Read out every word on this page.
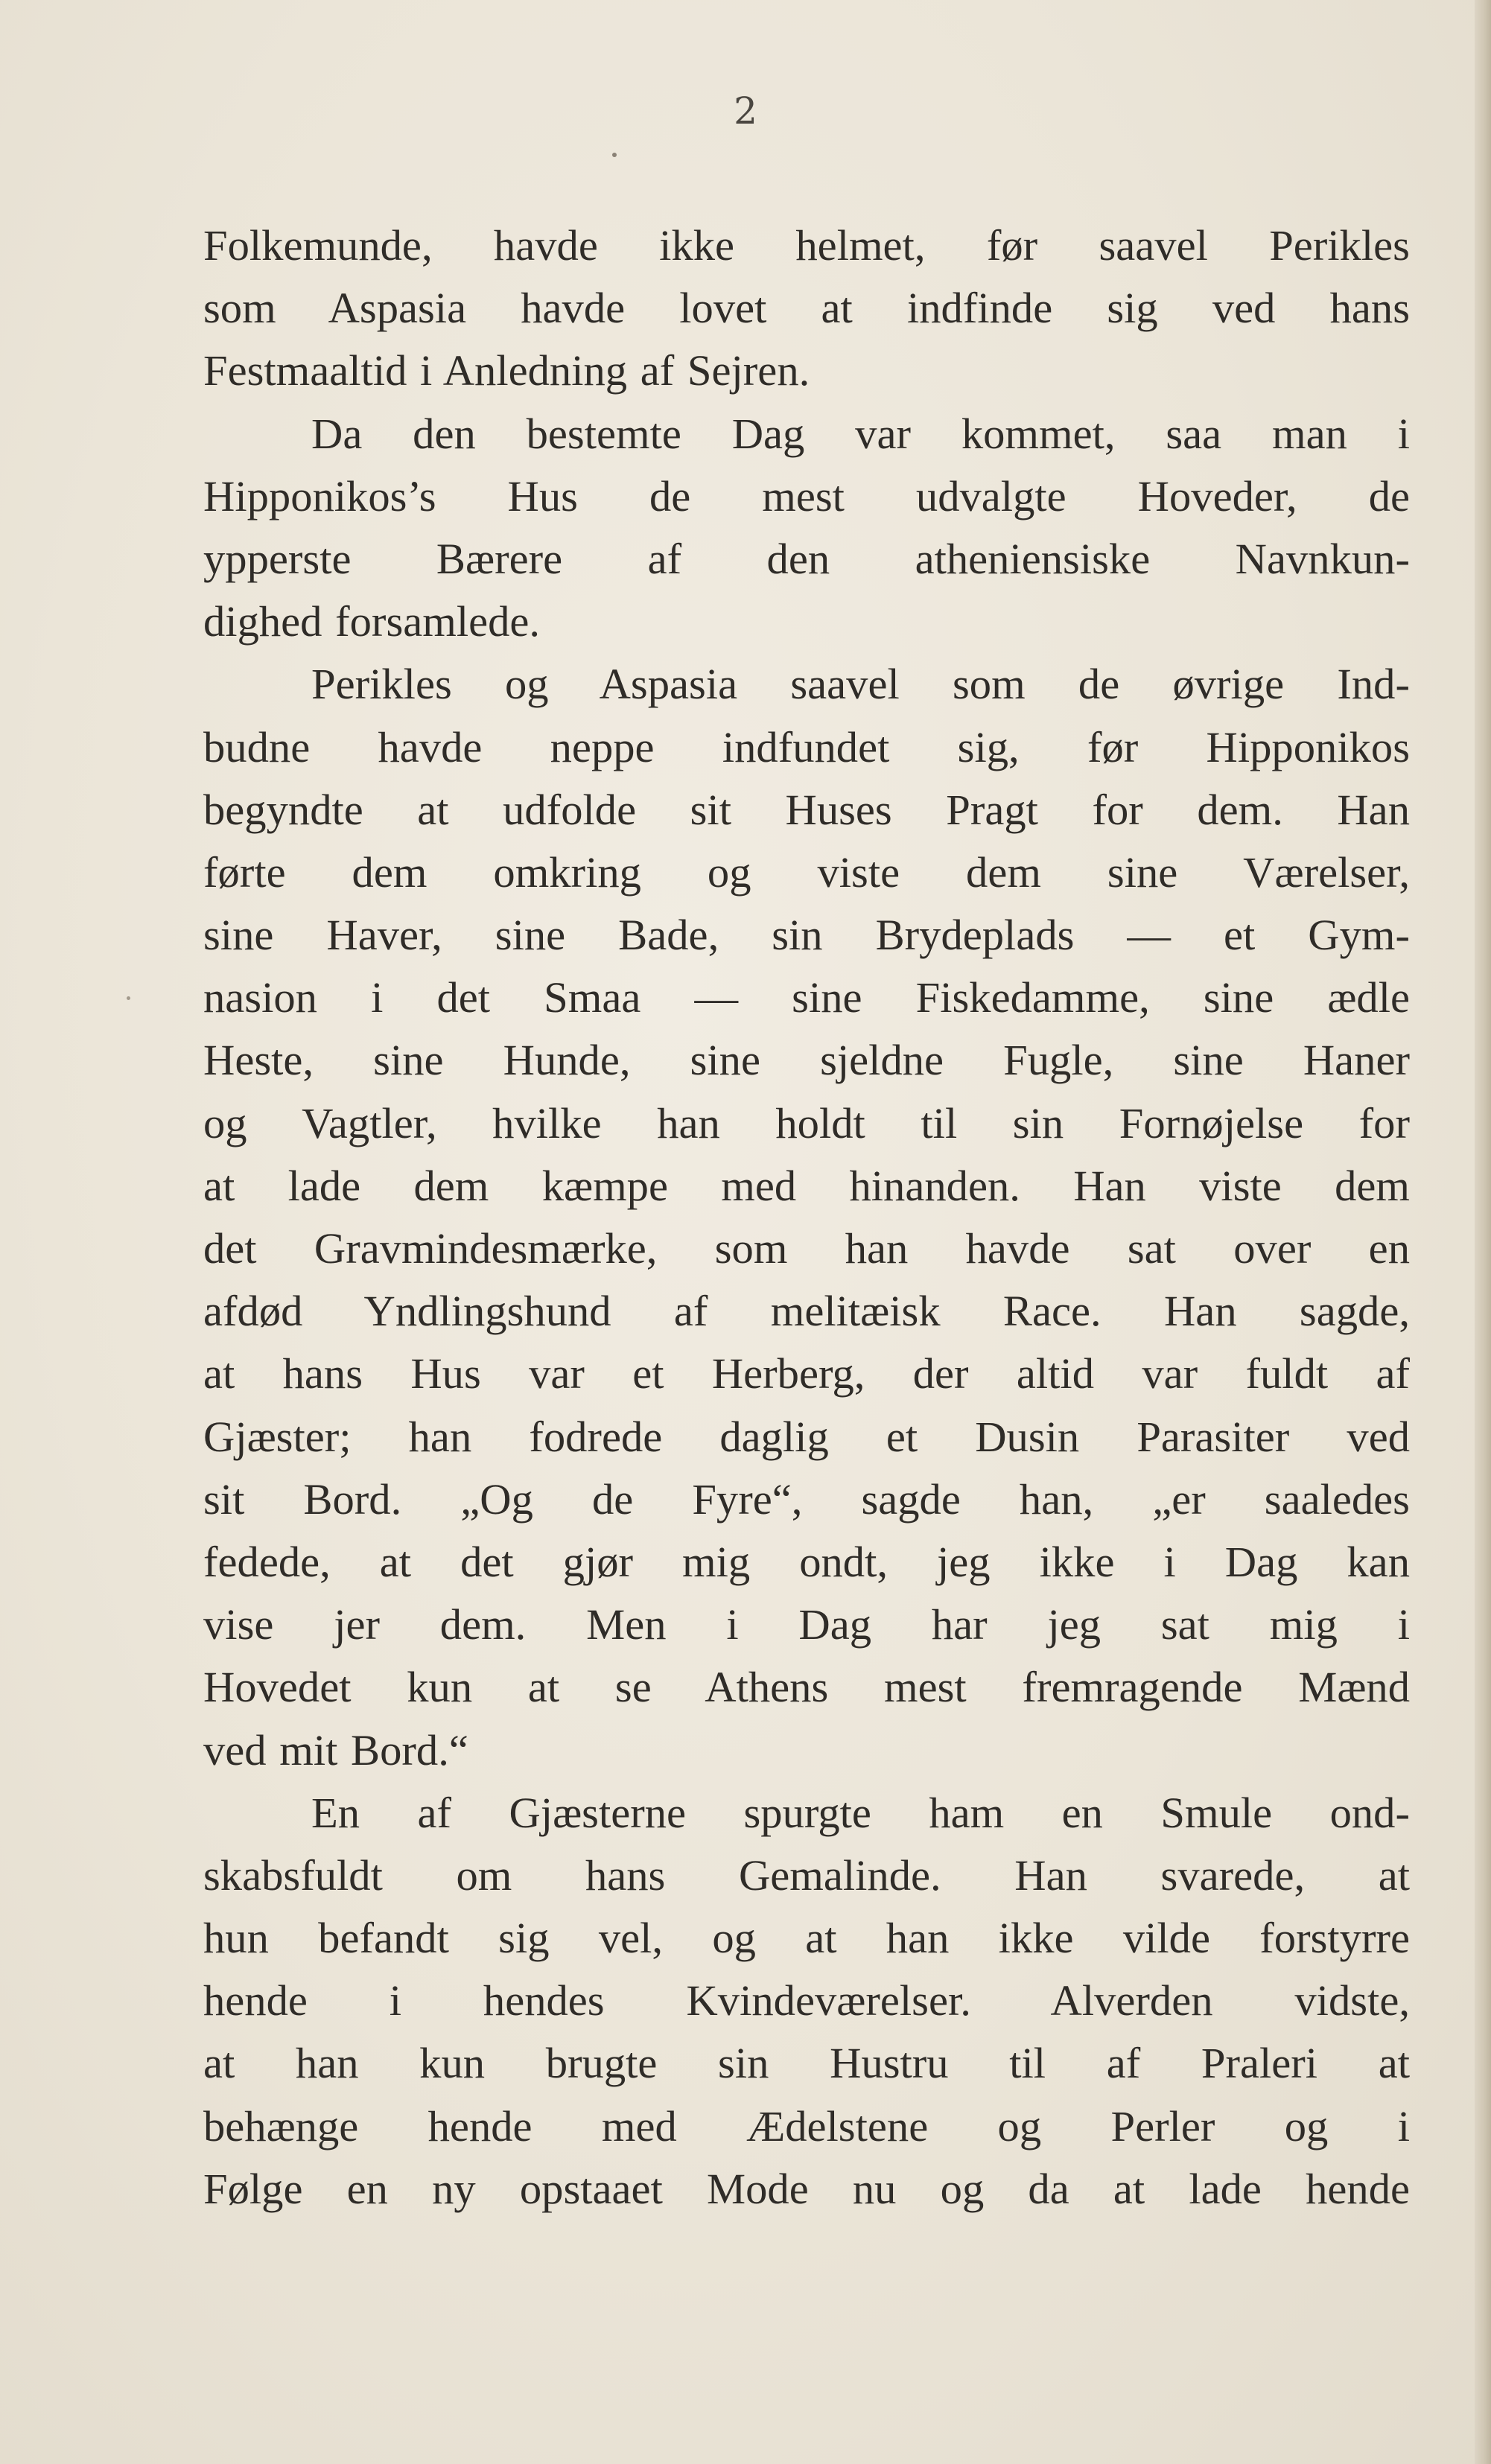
2
Folkemunde, havde ikke helmet, før saavel Perikles
som Aspasia havde lovet at indfinde sig ved hans
Festmaaltid i Anledning af Sejren.
Da den bestemte Dag var kommet, saa man i
Hipponikos’s Hus de mest udvalgte Hoveder, de
ypperste Bærere af den atheniensiske Navnkun-
dighed forsamlede.
Perikles og Aspasia saavel som de øvrige Ind-
budne havde neppe indfundet sig, før Hipponikos
begyndte at udfolde sit Huses Pragt for dem. Han
førte dem omkring og viste dem sine Værelser,
sine Haver, sine Bade, sin Brydeplads — et Gym-
nasion i det Smaa — sine Fiskedamme, sine ædle
Heste, sine Hunde, sine sjeldne Fugle, sine Haner
og Vagtler, hvilke han holdt til sin Fornøjelse for
at lade dem kæmpe med hinanden. Han viste dem
det Gravmindesmærke, som han havde sat over en
afdød Yndlingshund af melitæisk Race. Han sagde,
at hans Hus var et Herberg, der altid var fuldt af
Gjæster; han fodrede daglig et Dusin Parasiter ved
sit Bord. „Og de Fyre“, sagde han, „er saaledes
fedede, at det gjør mig ondt, jeg ikke i Dag kan
vise jer dem. Men i Dag har jeg sat mig i
Hovedet kun at se Athens mest fremragende Mænd
ved mit Bord.“
En af Gjæsterne spurgte ham en Smule ond-
skabsfuldt om hans Gemalinde. Han svarede, at
hun befandt sig vel, og at han ikke vilde forstyrre
hende i hendes Kvindeværelser. Alverden vidste,
at han kun brugte sin Hustru til af Praleri at
behænge hende med Ædelstene og Perler og i
Følge en ny opstaaet Mode nu og da at lade hende
